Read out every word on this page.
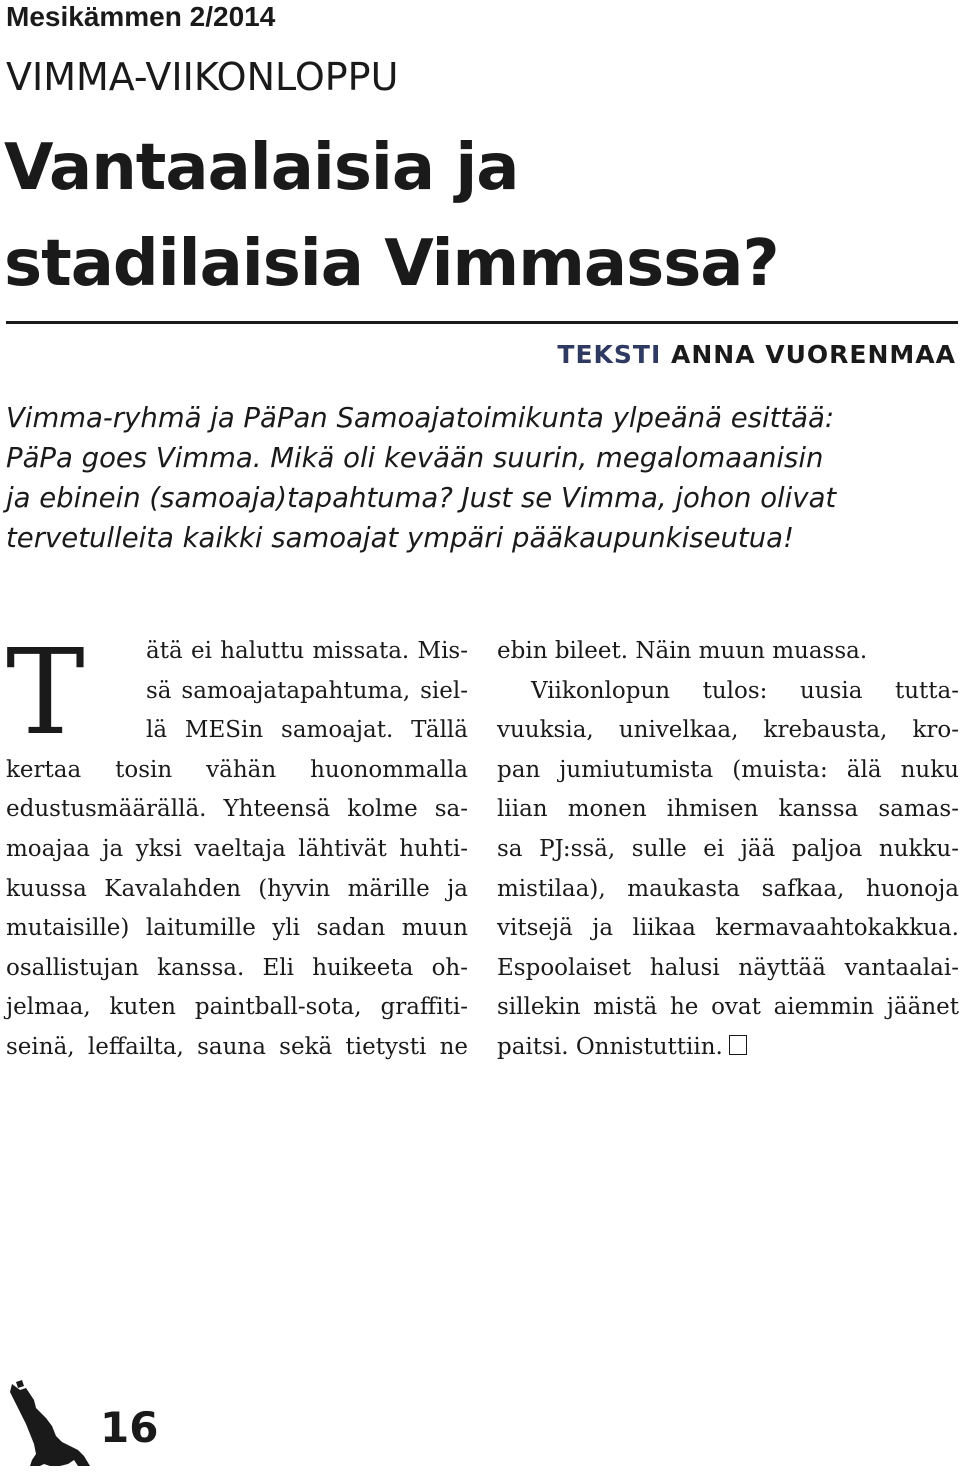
Mesikämmen 2/2014
VIMMA-VIIKONLOPPU
Vantaalaisia ja
stadilaisia Vimmassa?
TEKSTI ANNA VUORENMAA
Vimma-ryhmä ja PäPan Samoajatoimikunta ylpeänä esittää:
PäPa goes Vimma. Mikä oli kevään suurin, megalomaanisin
ja ebinein (samoaja)tapahtuma? Just se Vimma, johon olivat
tervetulleita kaikki samoajat ympäri pääkaupunkiseutua!
T	ätä ei haluttu missata. Mis-
sä samoajatapahtuma, siel-
lä MESin samoajat. Tällä
kertaa tosin vähän huonommalla
edustusmäärällä. Yhteensä kolme sa-
moajaa ja yksi vaeltaja lähtivät huhti-
kuussa Kavalahden (hyvin märille ja
mutaisille) laitumille yli sadan muun
osallistujan kanssa. Eli huikeeta oh-
jelmaa, kuten paintball-sota, graffiti-
seinä, leffailta, sauna sekä tietysti ne
ebin bileet. Näin muun muassa.
Viikonlopun tulos: uusia tutta-
vuuksia, univelkaa, krebausta, kro-
pan jumiutumista (muista: älä nuku
liian monen ihmisen kanssa samas-
sa PJ:ssä, sulle ei jää paljoa nukku-
mistilaa), maukasta safkaa, huonoja
vitsejä ja liikaa kermavaahtokakkua.
Espoolaiset halusi näyttää vantaalai-
sillekin mistä he ovat aiemmin jäänet
paitsi. Onnistuttiin.
16
